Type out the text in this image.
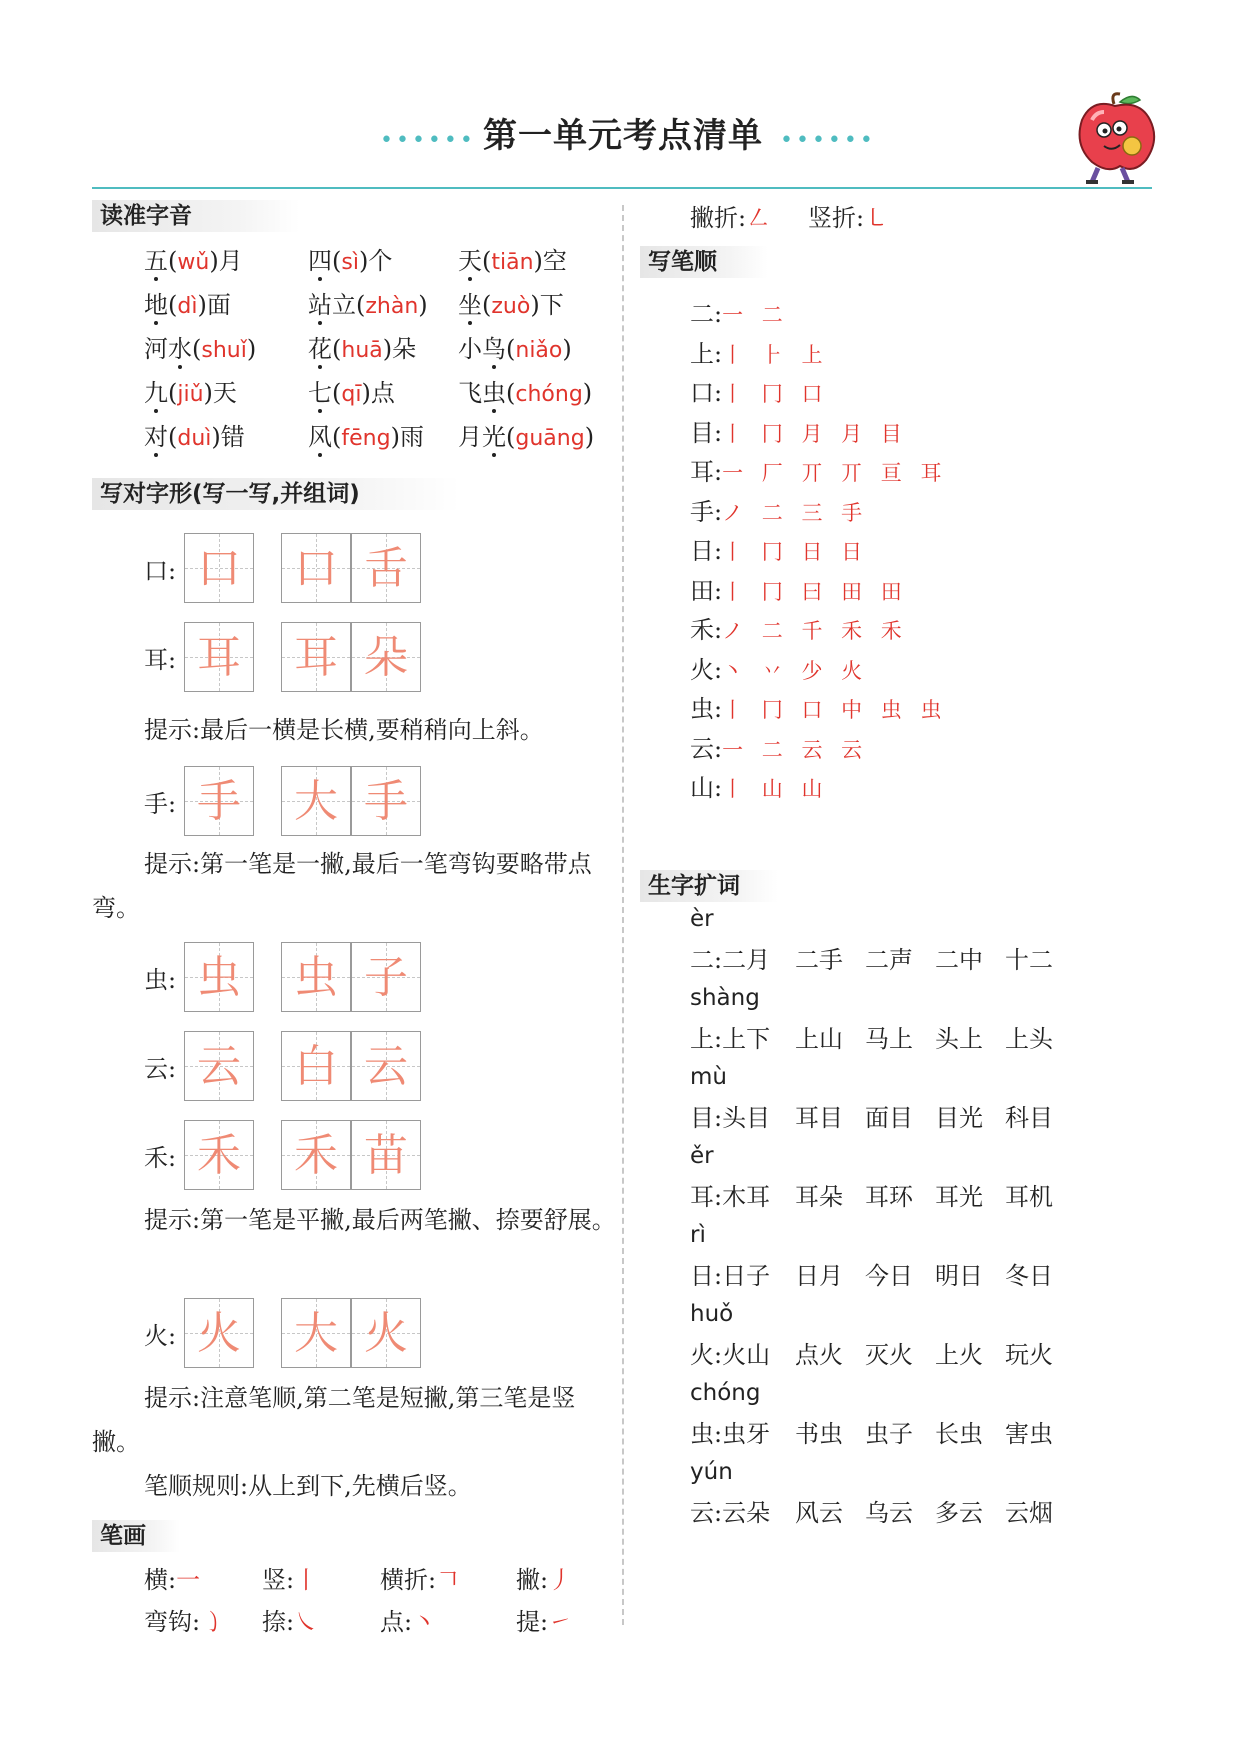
•••••• 第一单元考点清单 ••••••
读准字音
五(wǔ)月	四(sì)个	天(tiān)空
地(dì)面	站立(zhàn) 坐(zuò)下
河水(shuǐ) 花(huā)朵 小鸟(niǎo)
九(jiǔ)天	七(qī)点	飞虫(chóng)
对(duì)错	风(fēng)雨 月光(guāng)
写对字形(写一写,并组词)
口: 口 口 舌
耳: 耳 耳 朵
提示:最后一横是长横,要稍稍向上斜。
手: 手 大 手
提示:第一笔是一撇,最后一笔弯钩要略带点弯。
虫: 虫 虫 子
云: 云 白 云
禾: 禾 禾 苗
提示:第一笔是平撇,最后两笔撇、捺要舒展。
火: 火 大 火
提示:注意笔顺,第二笔是短撇,第三笔是竖撇。
笔顺规则:从上到下,先横后竖。
笔画
横:一	竖:丨	横折:𠃍 撇:丿
弯钩:㇁ 捺:㇏	点:丶	提:㇀
撇折:㇜ 竖折:㇄
写笔顺
二:一 二
上:丨 ⺊ 上
口:丨 冂 口
目:丨 冂 月 月 目
耳:一 厂 丌 丌 亘 耳
手:ノ 二 三 手
日:丨 冂 日 日
田:丨 冂 曰 田 田
禾:ノ 二 千 禾 禾
火:丶 丷 少 火
虫:丨 冂 口 中 虫 虫
云:一 二 云 云
山:丨 山 山
生字扩词
èr
二:二月 二手 二声 二中 十二
shàng
上:上下 上山 马上 头上 上头
mù
目:头目 耳目 面目 目光 科目
ěr
耳:木耳 耳朵 耳环 耳光 耳机
rì
日:日子 日月 今日 明日 冬日
huǒ
火:火山 点火 灭火 上火 玩火
chóng
虫:虫牙 书虫 虫子 长虫 害虫
yún
云:云朵 风云 乌云 多云 云烟
